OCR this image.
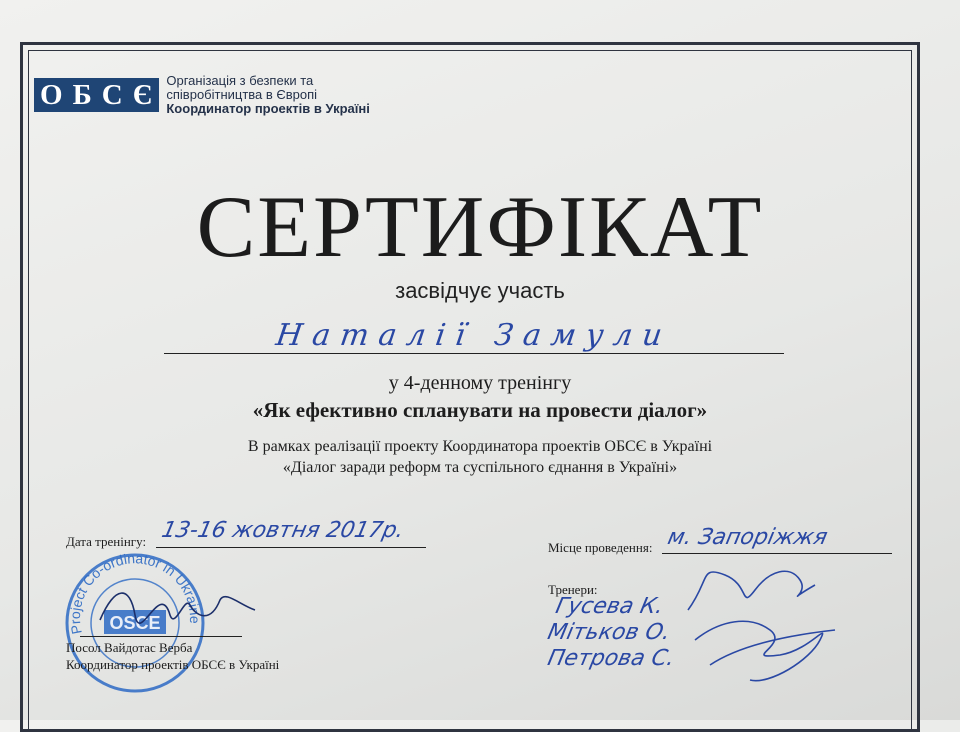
О Б С Є Організація з безпеки та
співробітництва в Європі
Координатор проектів в Україні
СЕРТИФІКАТ
засвідчує участь
Наталії Замули
у 4-денному тренінгу
«Як ефективно спланувати на провести діалог»
В рамках реалізації проекту Координатора проектів ОБСЄ в Україні
«Діалог заради реформ та суспільного єднання в Україні»
Project Co-ordinator in Ukraine
OSCE
Дата тренінгу: 13-16 жовтня 2017р.
Місце проведення: м. Запоріжжя
Тренери:
Гусева К.
Мітьков О.
Петрова С.
Посол Вайдотас Верба
Координатор проектів ОБСЄ в Україні
